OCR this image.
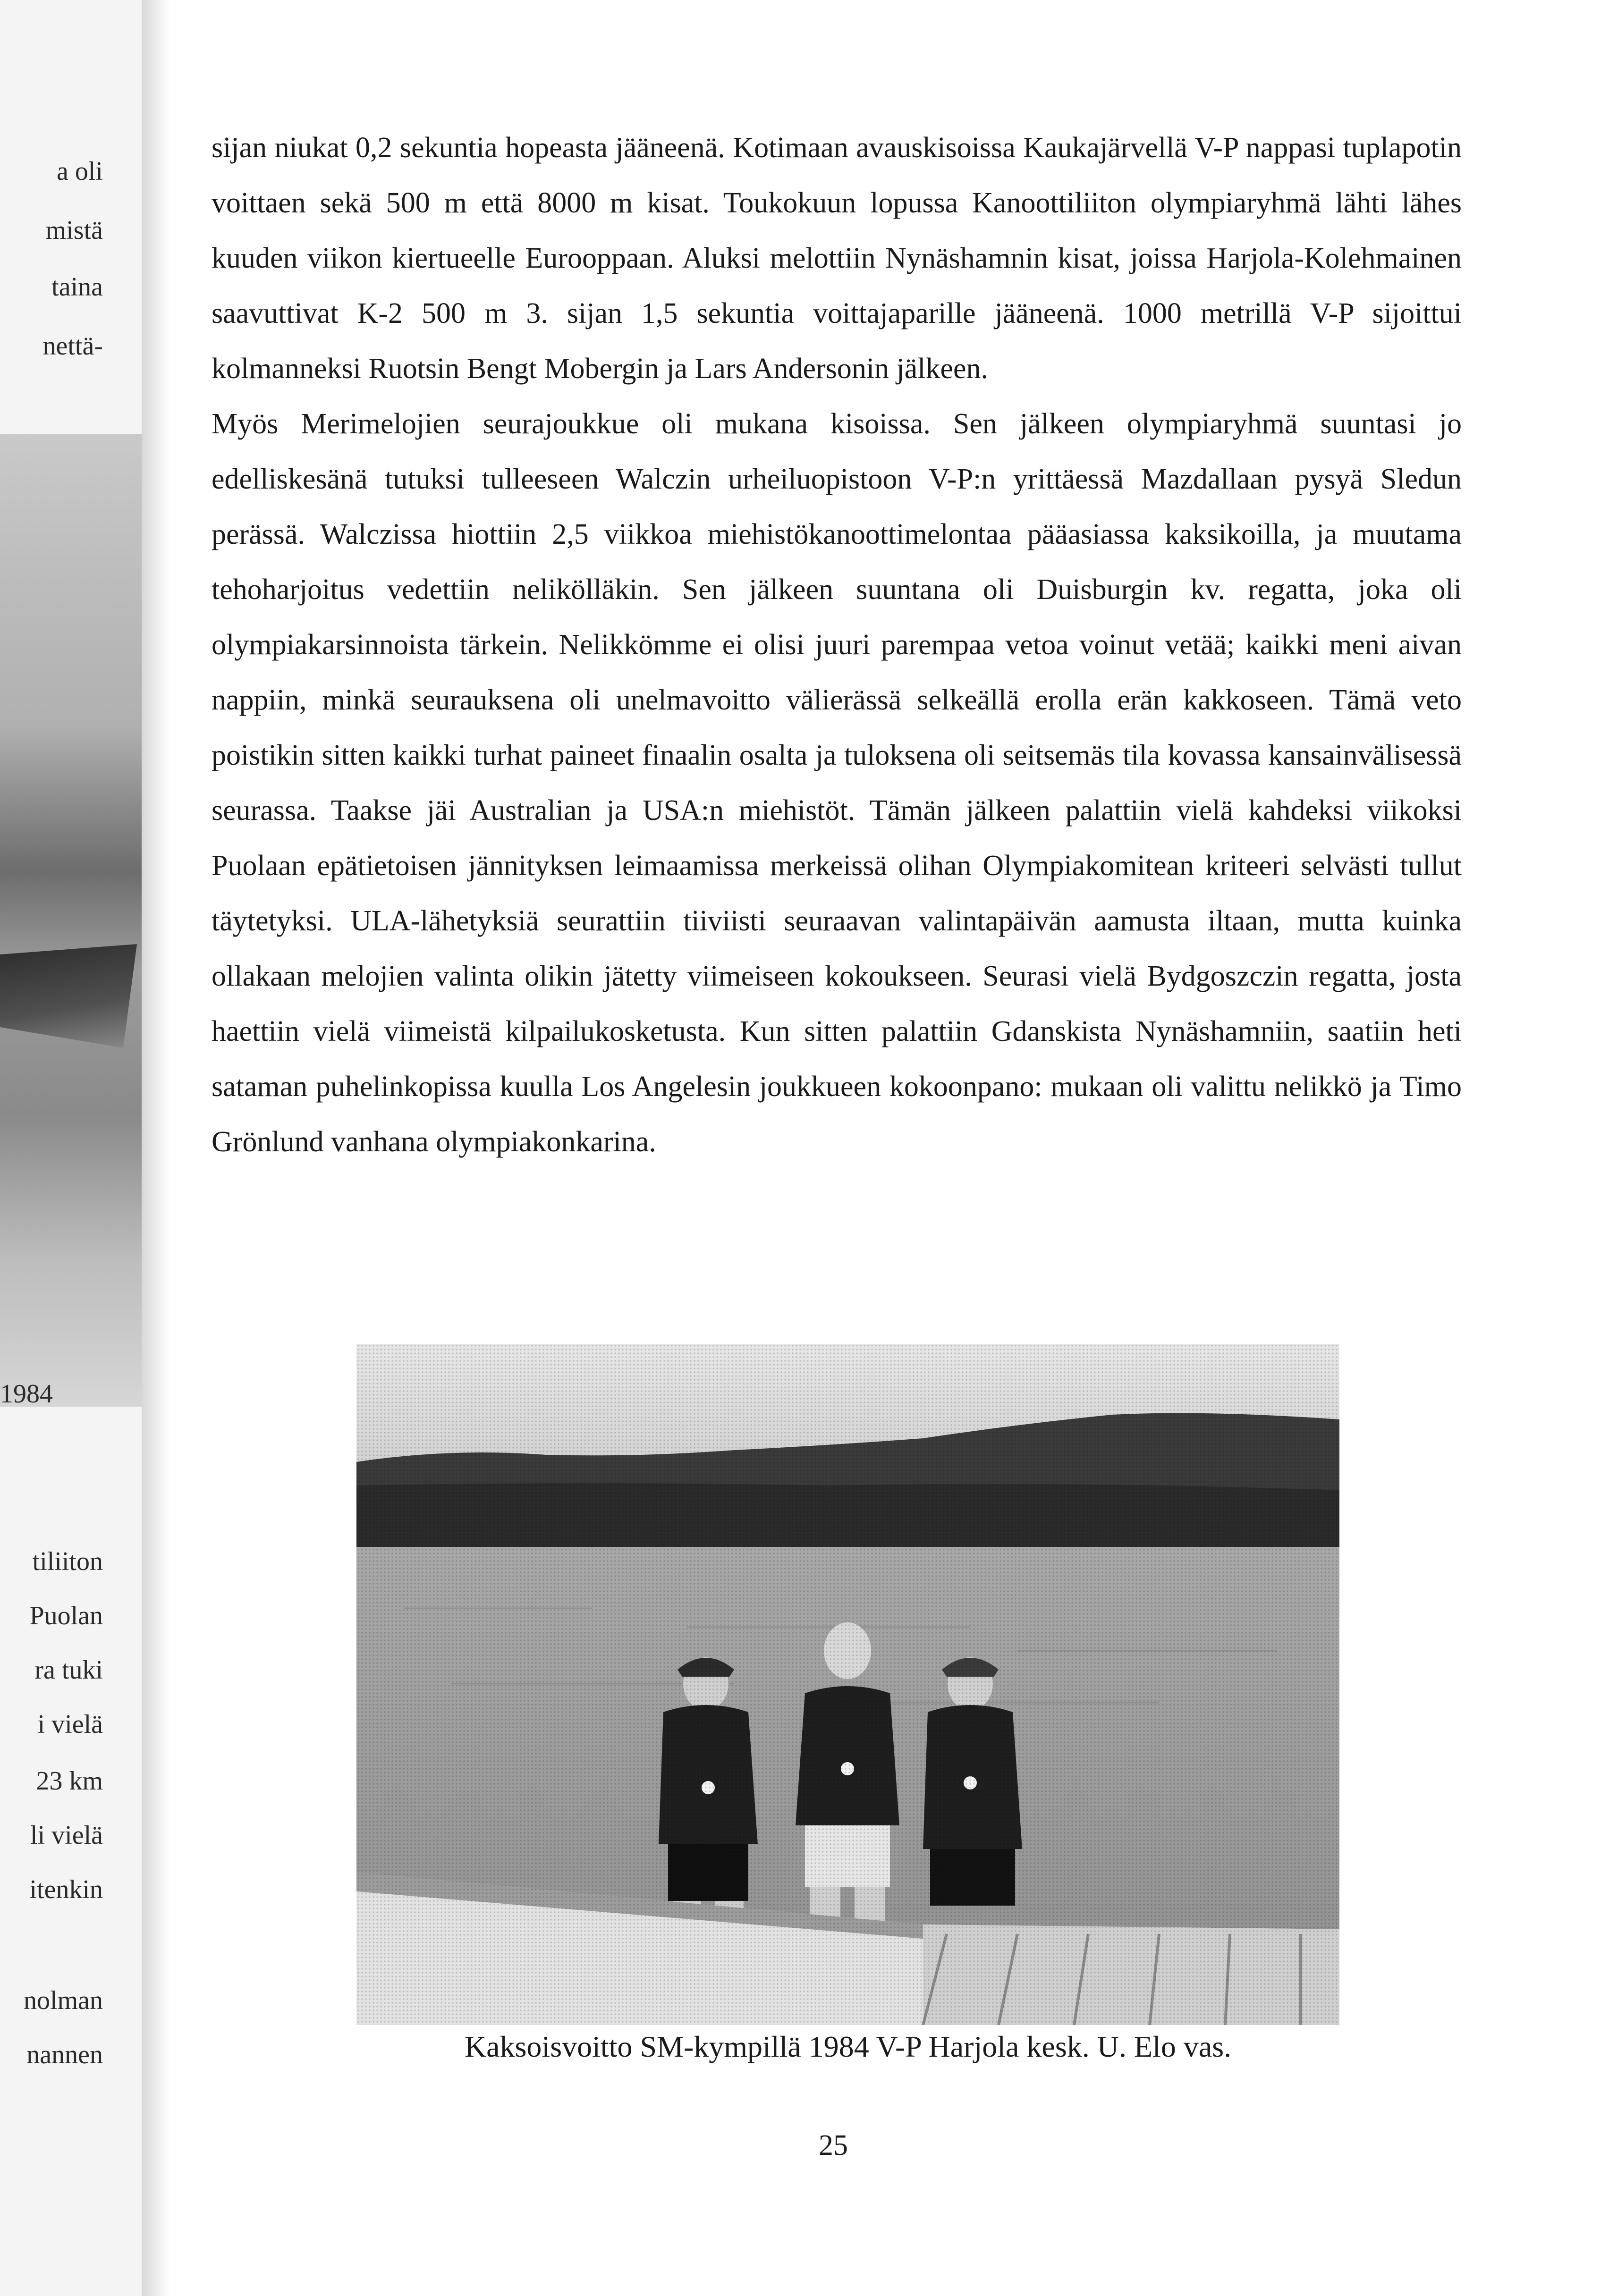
a oli
mistä
taina
nettä-
1984
tiliiton
Puolan
ra tuki
i vielä
23 km
li vielä
itenkin
nolman
nannen

sijan niukat 0,2 sekuntia hopeasta jääneenä. Kotimaan avauskisoissa Kaukajärvellä V-P nappasi tuplapotin voittaen sekä 500 m että 8000 m kisat. Toukokuun lopussa Kanoottiliiton olympiaryhmä lähti lähes kuuden viikon kiertueelle Eurooppaan. Aluksi melottiin Nynäshamnin kisat, joissa Harjola-Kolehmainen saavuttivat K-2 500 m 3. sijan 1,5 sekuntia voittajaparille jääneenä. 1000 metrillä V-P sijoittui kolmanneksi Ruotsin Bengt Mobergin ja Lars Andersonin jälkeen.

Myös Merimelojien seurajoukkue oli mukana kisoissa. Sen jälkeen olympiaryhmä suuntasi jo edelliskesänä tutuksi tulleeseen Walczin urheiluopistoon V-P:n yrittäessä Mazdallaan pysyä Sledun perässä. Walczissa hiottiin 2,5 viikkoa miehistökanoottimelontaa pääasiassa kaksikoilla, ja muutama tehoharjoitus vedettiin nelikölläkin. Sen jälkeen suuntana oli Duisburgin kv. regatta, joka oli olympiakarsinnoista tärkein. Nelikkömme ei olisi juuri parempaa vetoa voinut vetää; kaikki meni aivan nappiin, minkä seurauksena oli unelmavoitto välierässä selkeällä erolla erän kakkoseen. Tämä veto poistikin sitten kaikki turhat paineet finaalin osalta ja tuloksena oli seitsemäs tila kovassa kansainvälisessä seurassa. Taakse jäi Australian ja USA:n miehistöt. Tämän jälkeen palattiin vielä kahdeksi viikoksi Puolaan epätietoisen jännityksen leimaamissa merkeissä olihan Olympiakomitean kriteeri selvästi tullut täytetyksi. ULA-lähetyksiä seurattiin tiiviisti seuraavan valintapäivän aamusta iltaan, mutta kuinka ollakaan melojien valinta olikin jätetty viimeiseen kokoukseen. Seurasi vielä Bydgoszczin regatta, josta haettiin vielä viimeistä kilpailukosketusta. Kun sitten palattiin Gdanskista Nynäshamniin, saatiin heti sataman puhelinkopissa kuulla Los Angelesin joukkueen kokoonpano: mukaan oli valittu nelikkö ja Timo Grönlund vanhana olympiakonkarina.

Kaksoisvoitto SM-kympillä 1984 V-P Harjola kesk. U. Elo vas.
25
